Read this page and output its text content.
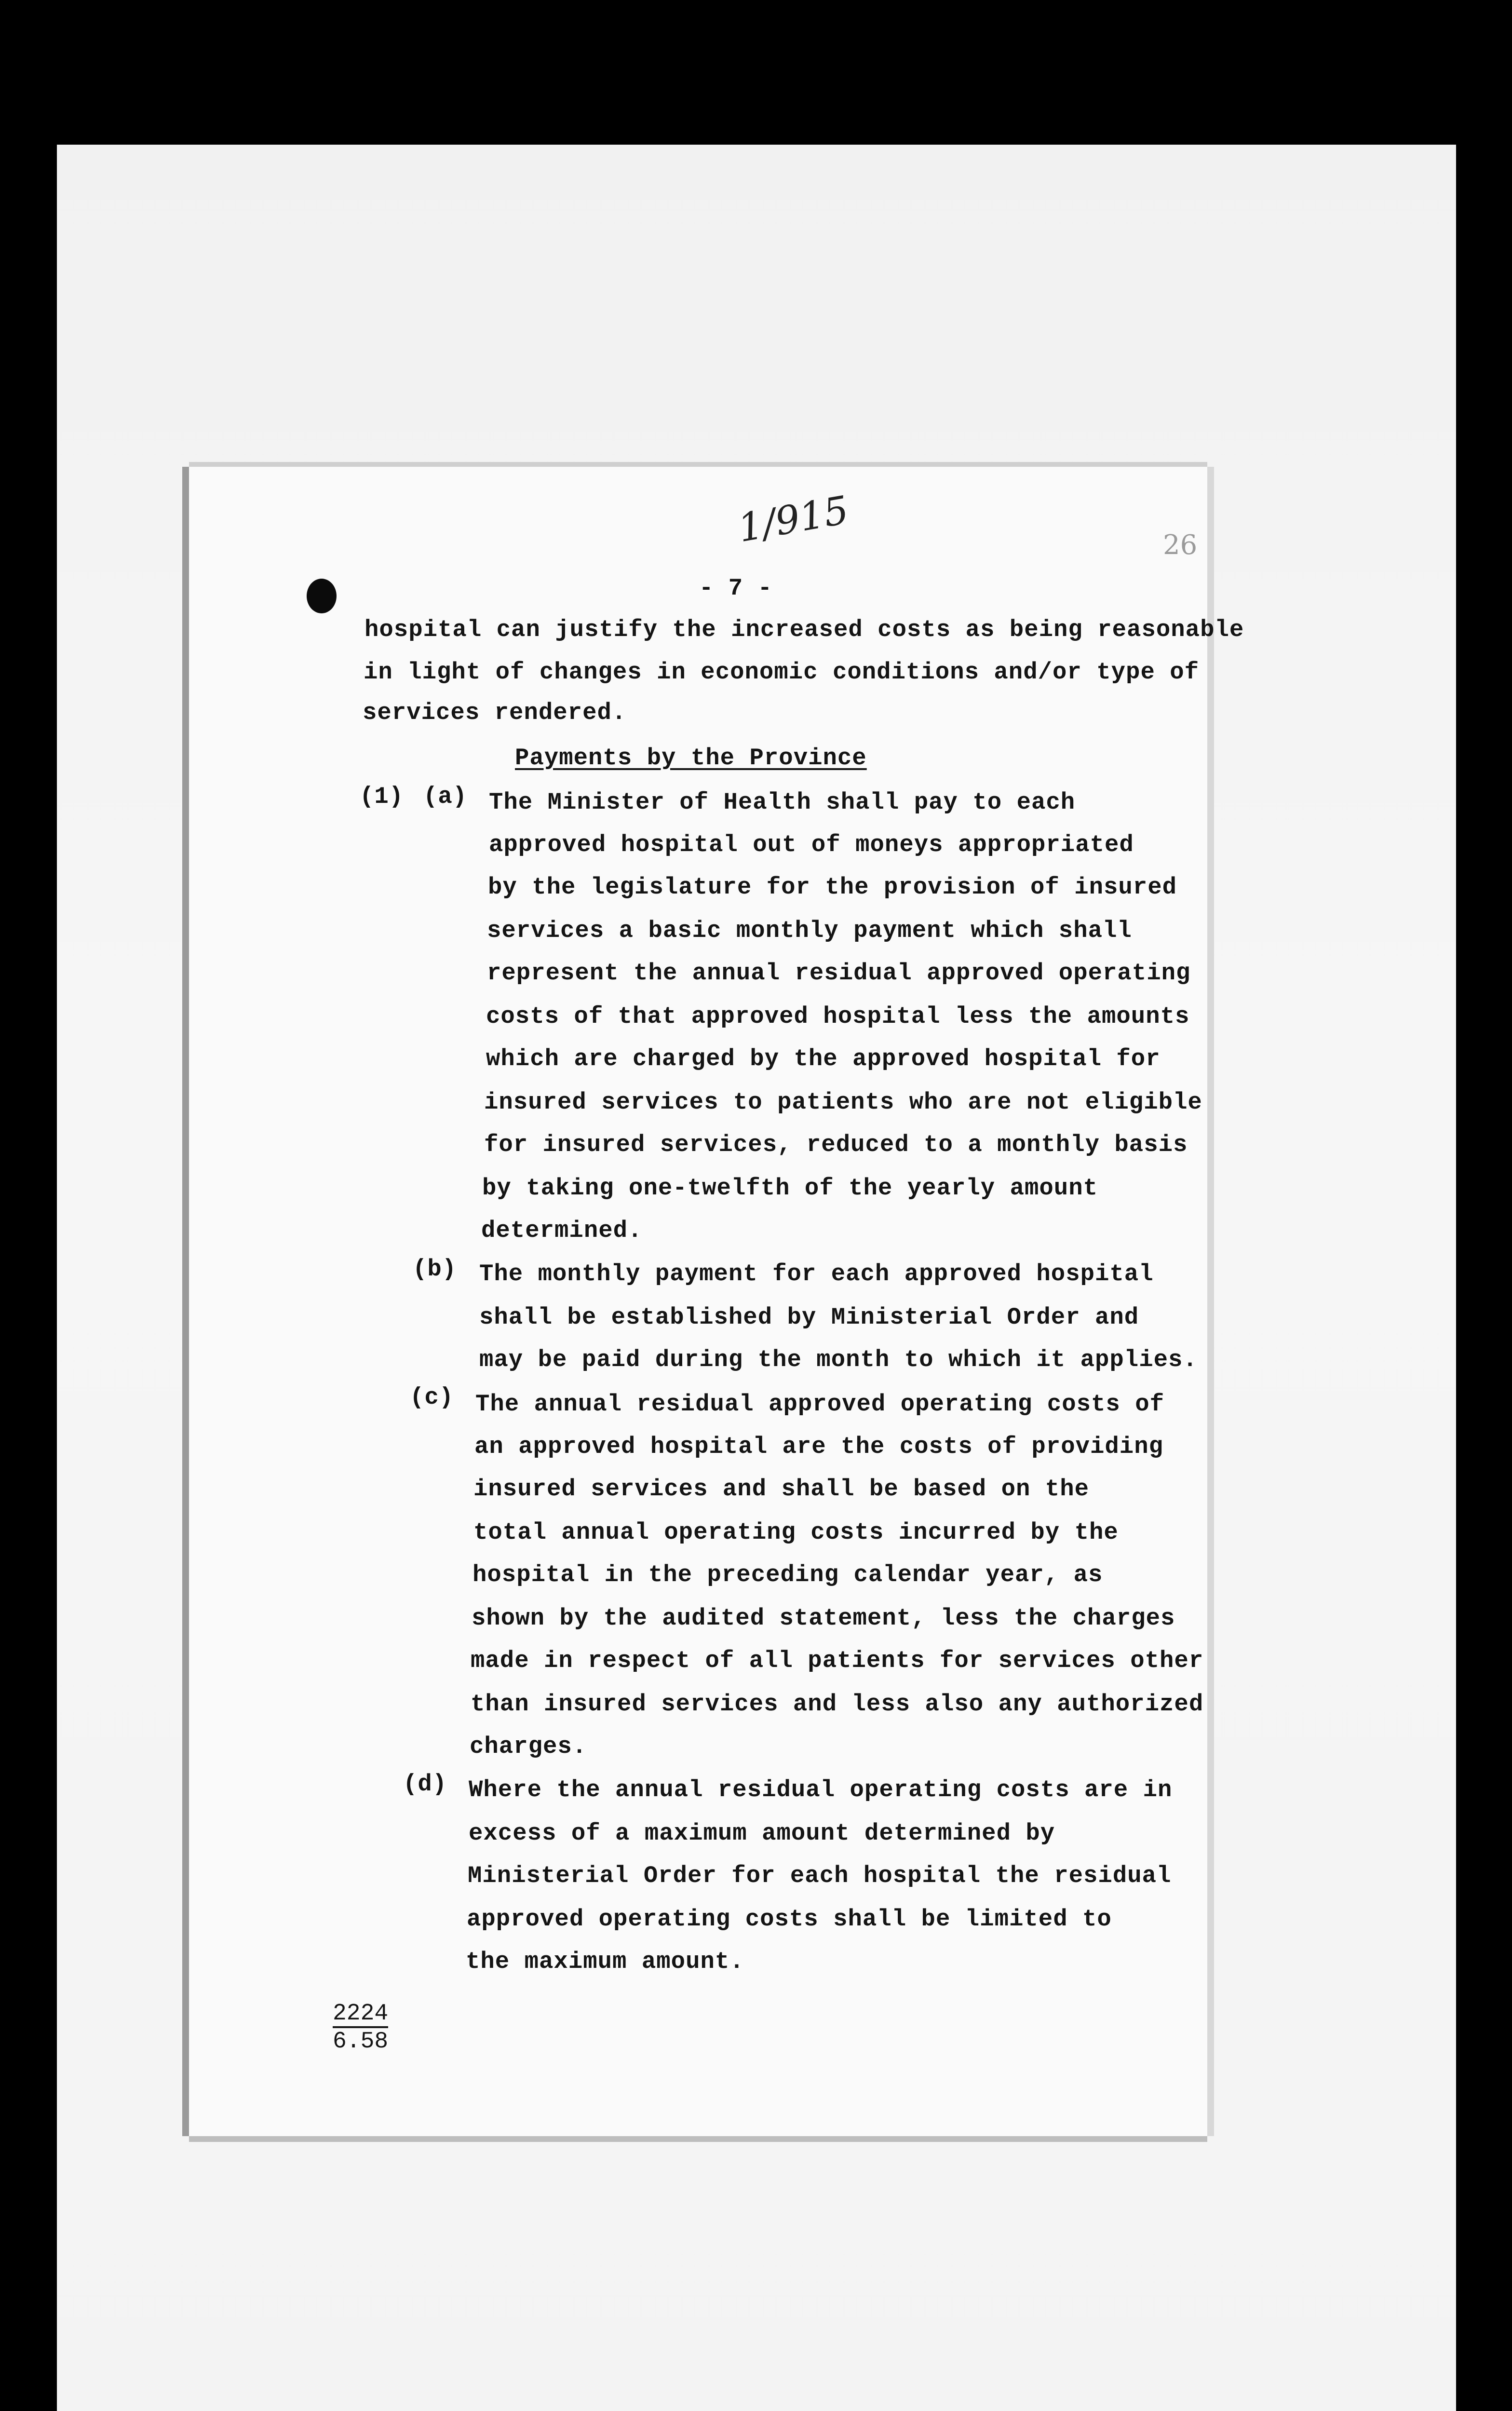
1/915	26
- 7 -
hospital can justify the increased costs as being reasonable
in light of changes in economic conditions and/or type of
services rendered.
Payments by the Province
(1) (a) The Minister of Health shall pay to each
approved hospital out of moneys appropriated
by the legislature for the provision of insured
services a basic monthly payment which shall
represent the annual residual approved operating
costs of that approved hospital less the amounts
which are charged by the approved hospital for
insured services to patients who are not eligible
for insured services, reduced to a monthly basis
by taking one-twelfth of the yearly amount
determined.
(b) The monthly payment for each approved hospital
shall be established by Ministerial Order and
may be paid during the month to which it applies.
(c) The annual residual approved operating costs of
an approved hospital are the costs of providing
insured services and shall be based on the
total annual operating costs incurred by the
hospital in the preceding calendar year, as
shown by the audited statement, less the charges
made in respect of all patients for services other
than insured services and less also any authorized
charges.
(d) Where the annual residual operating costs are in
excess of a maximum amount determined by
Ministerial Order for each hospital the residual
approved operating costs shall be limited to
the maximum amount.
2224
6.58
